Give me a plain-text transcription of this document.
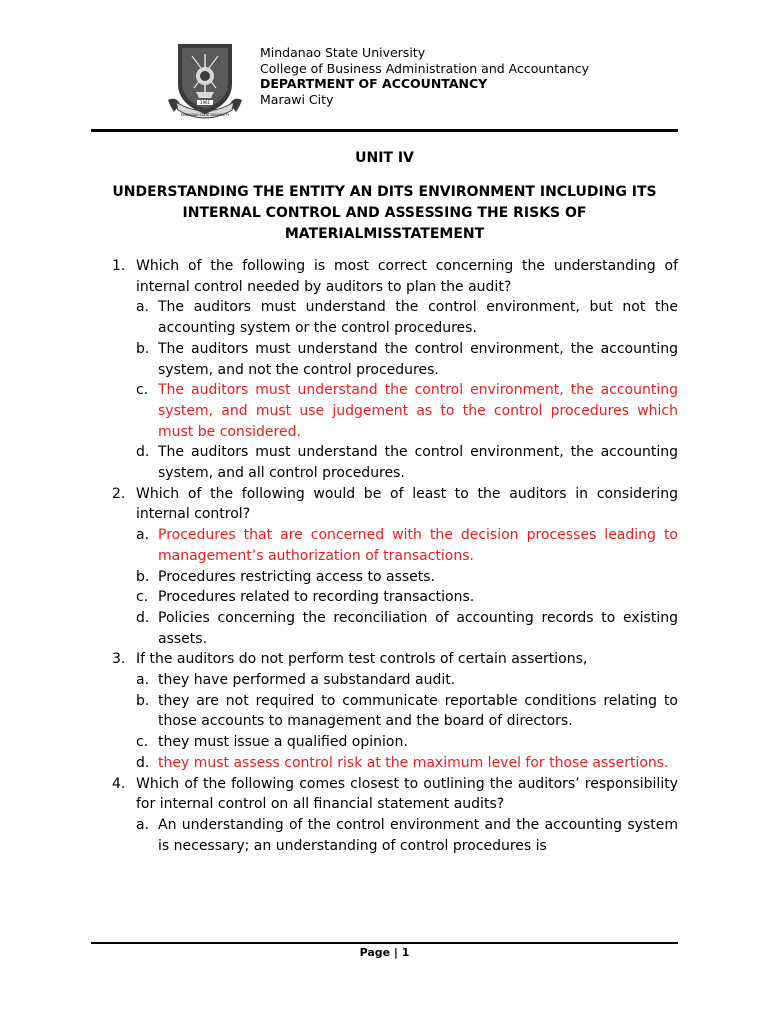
1961
MINDANAO STATE UNIVERSITY
Mindanao State University
College of Business Administration and Accountancy
DEPARTMENT OF ACCOUNTANCY
Marawi City
UNIT IV
UNDERSTANDING THE ENTITY AN DITS ENVIRONMENT INCLUDING ITS INTERNAL CONTROL AND ASSESSING THE RISKS OF MATERIALMISSTATEMENT
1. Which of the following is most correct concerning the understanding of internal control needed by auditors to plan the audit?
a. The auditors must understand the control environment, but not the accounting system or the control procedures.
b. The auditors must understand the control environment, the accounting system, and not the control procedures.
c. The auditors must understand the control environment, the accounting system, and must use judgement as to the control procedures which must be considered.
d. The auditors must understand the control environment, the accounting system, and all control procedures.
2. Which of the following would be of least to the auditors in considering internal control?
a. Procedures that are concerned with the decision processes leading to management’s authorization of transactions.
b. Procedures restricting access to assets.
c. Procedures related to recording transactions.
d. Policies concerning the reconciliation of accounting records to existing assets.
3. If the auditors do not perform test controls of certain assertions,
a. they have performed a substandard audit.
b. they are not required to communicate reportable conditions relating to those accounts to management and the board of directors.
c. they must issue a qualified opinion.
d. they must assess control risk at the maximum level for those assertions.
4. Which of the following comes closest to outlining the auditors’ responsibility for internal control on all financial statement audits?
a. An understanding of the control environment and the accounting system is necessary; an understanding of control procedures is
Page | 1
